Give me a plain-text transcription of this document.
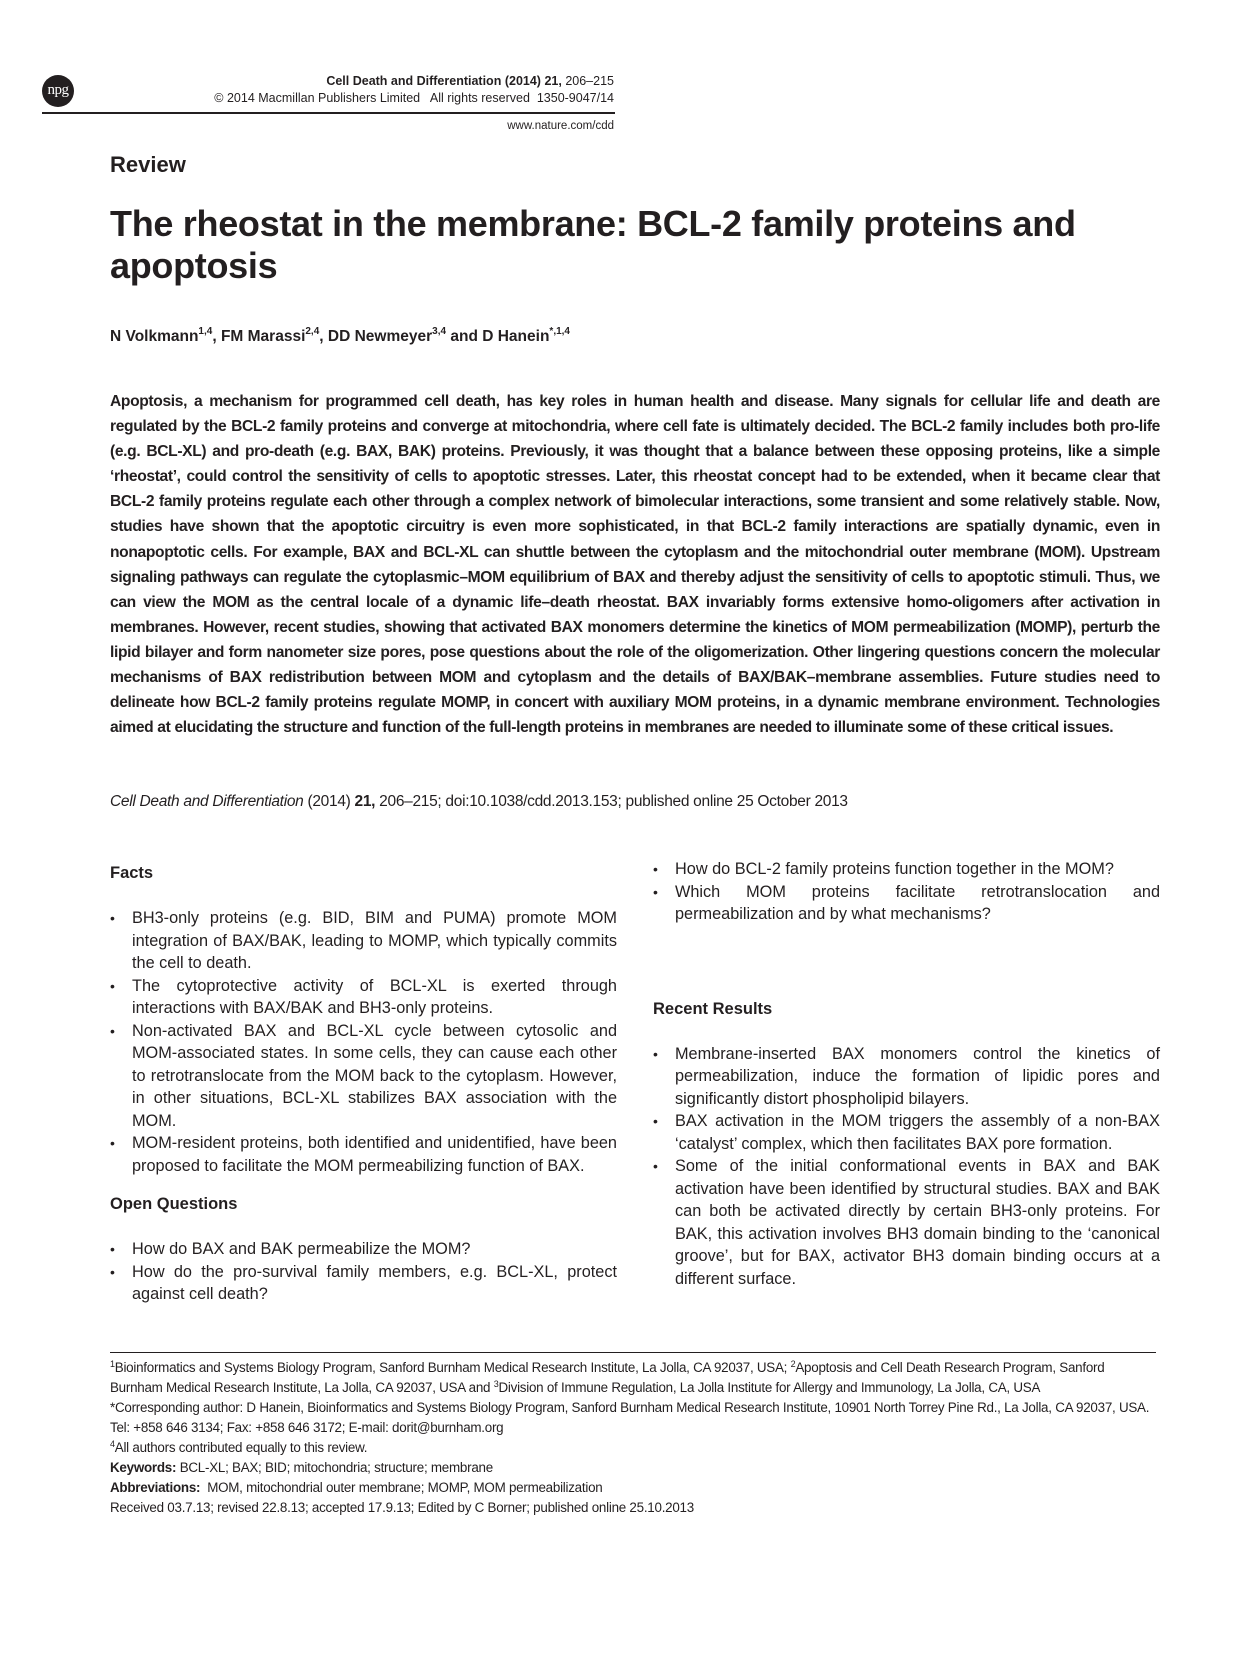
npg
Cell Death and Differentiation (2014) 21, 206–215
© 2014 Macmillan Publishers Limited   All rights reserved  1350-9047/14
www.nature.com/cdd
Review
The rheostat in the membrane: BCL-2 family proteins and apoptosis
N Volkmann$^{1,4}$, FM Marassi$^{2,4}$, DD Newmeyer$^{3,4}$ and D Hanein$^{*,1,4}$

Apoptosis, a mechanism for programmed cell death, has key roles in human health and disease. Many signals for cellular life and death are regulated by the BCL-2 family proteins and converge at mitochondria, where cell fate is ultimately decided. The BCL-2 family includes both pro-life (e.g. BCL-XL) and pro-death (e.g. BAX, BAK) proteins. Previously, it was thought that a balance between these opposing proteins, like a simple ‘rheostat’, could control the sensitivity of cells to apoptotic stresses. Later, this rheostat concept had to be extended, when it became clear that BCL-2 family proteins regulate each other through a complex network of bimolecular interactions, some transient and some relatively stable. Now, studies have shown that the apoptotic circuitry is even more sophisticated, in that BCL-2 family interactions are spatially dynamic, even in nonapoptotic cells. For example, BAX and BCL-XL can shuttle between the cytoplasm and the mitochondrial outer membrane (MOM). Upstream signaling pathways can regulate the cytoplasmic–MOM equilibrium of BAX and thereby adjust the sensitivity of cells to apoptotic stimuli. Thus, we can view the MOM as the central locale of a dynamic life–death rheostat. BAX invariably forms extensive homo-oligomers after activation in membranes. However, recent studies, showing that activated BAX monomers determine the kinetics of MOM permeabilization (MOMP), perturb the lipid bilayer and form nanometer size pores, pose questions about the role of the oligomerization. Other lingering questions concern the molecular mechanisms of BAX redistribution between MOM and cytoplasm and the details of BAX/BAK–membrane assemblies. Future studies need to delineate how BCL-2 family proteins regulate MOMP, in concert with auxiliary MOM proteins, in a dynamic membrane environment. Technologies aimed at elucidating the structure and function of the full-length proteins in membranes are needed to illuminate some of these critical issues.

Cell Death and Differentiation (2014) 21, 206–215; doi:10.1038/cdd.2013.153; published online 25 October 2013
Facts
• BH3-only proteins (e.g. BID, BIM and PUMA) promote MOM integration of BAX/BAK, leading to MOMP, which typically commits the cell to death.
• The cytoprotective activity of BCL-XL is exerted through interactions with BAX/BAK and BH3-only proteins.
• Non-activated BAX and BCL-XL cycle between cytosolic and MOM-associated states. In some cells, they can cause each other to retrotranslocate from the MOM back to the cytoplasm. However, in other situations, BCL-XL stabilizes BAX association with the MOM.
• MOM-resident proteins, both identified and unidentified, have been proposed to facilitate the MOM permeabilizing function of BAX.
Open Questions
• How do BAX and BAK permeabilize the MOM?
• How do the pro-survival family members, e.g. BCL-XL, protect against cell death?
• How do BCL-2 family proteins function together in the MOM?
• Which MOM proteins facilitate retrotranslocation and permeabilization and by what mechanisms?
Recent Results
• Membrane-inserted BAX monomers control the kinetics of permeabilization, induce the formation of lipidic pores and significantly distort phospholipid bilayers.
• BAX activation in the MOM triggers the assembly of a non-BAX ‘catalyst’ complex, which then facilitates BAX pore formation.
• Some of the initial conformational events in BAX and BAK activation have been identified by structural studies. BAX and BAK can both be activated directly by certain BH3-only proteins. For BAK, this activation involves BH3 domain binding to the ‘canonical groove’, but for BAX, activator BH3 domain binding occurs at a different surface.

$^1$Bioinformatics and Systems Biology Program, Sanford Burnham Medical Research Institute, La Jolla, CA 92037, USA; $^2$Apoptosis and Cell Death Research Program, Sanford Burnham Medical Research Institute, La Jolla, CA 92037, USA and $^3$Division of Immune Regulation, La Jolla Institute for Allergy and Immunology, La Jolla, CA, USA

*Corresponding author: D Hanein, Bioinformatics and Systems Biology Program, Sanford Burnham Medical Research Institute, 10901 North Torrey Pine Rd., La Jolla, CA 92037, USA. Tel: +858 646 3134; Fax: +858 646 3172; E-mail: dorit@burnham.org

$^4$All authors contributed equally to this review.

Keywords: BCL-XL; BAX; BID; mitochondria; structure; membrane

Abbreviations:  MOM, mitochondrial outer membrane; MOMP, MOM permeabilization

Received 03.7.13; revised 22.8.13; accepted 17.9.13; Edited by C Borner; published online 25.10.2013
